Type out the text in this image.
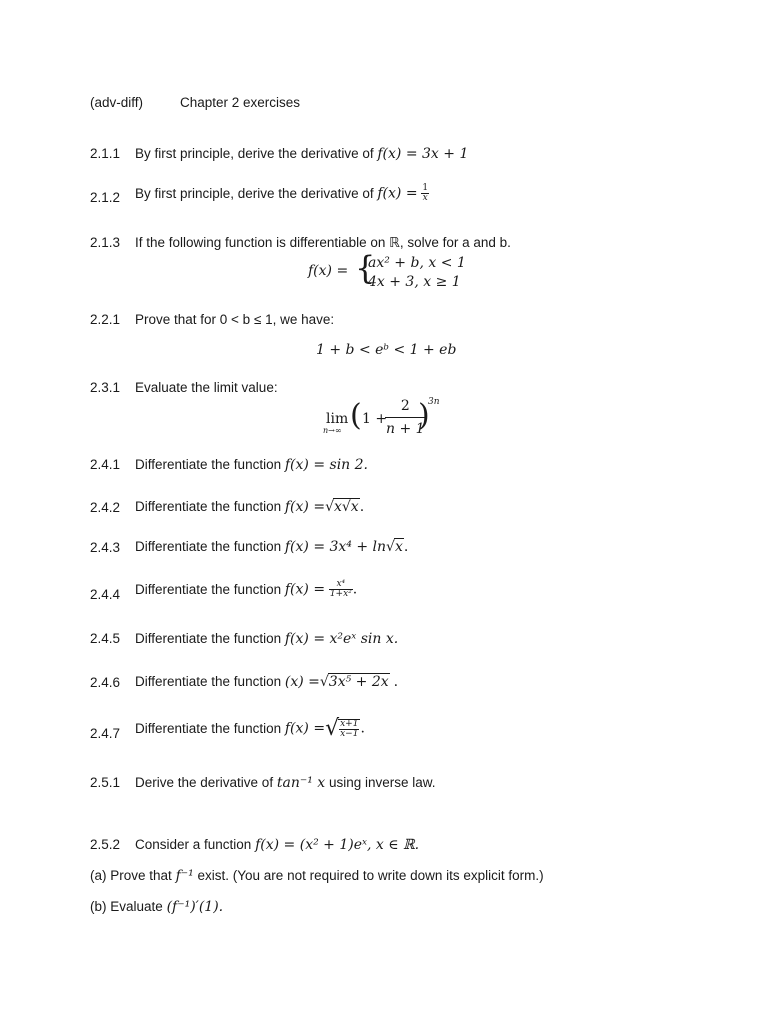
(adv-diff)	Chapter 2 exercises
2.1.1 By first principle, derive the derivative of f(x) = 3x + 1
2.1.2 By first principle, derive the derivative of $f(x) = \frac{1}{x}$
2.1.3 If the following function is differentiable on ℝ, solve for a and b.
f(x) = {
ax² + b, x < 1
4x + 3, x ≥ 1
2.2.1 Prove that for 0 < b ≤ 1, we have:
1 + b < eᵇ < 1 + eb
2.3.1 Evaluate the limit value:
lim
n→∞ ( 1 +
$\frac{2}{n + 1}$
)
3n
2.4.1 Differentiate the function f(x) = sin 2.
2.4.2 Differentiate the function f(x) =√x√x.
2.4.3 Differentiate the function f(x) = 3x⁴ + ln√x.
2.4.4 Differentiate the function $f(x) = \frac{\text{x⁴}}{\text{1+x²}}$ .
2.4.5 Differentiate the function f(x) = x²eˣ sin x.
2.4.6 Differentiate the function (x) =√3x⁵ + 2x .
2.4.7 Differentiate the function f(x) =√ $\frac{x+1}{x-1}$ .
2.5.1 Derive the derivative of tan⁻¹ x using inverse law.
2.5.2 Consider a function f(x) = (x² + 1)eˣ, x ∈ ℝ.
(a) Prove that f⁻¹ exist. (You are not required to write down its explicit form.)
(b) Evaluate (f⁻¹)′(1).
